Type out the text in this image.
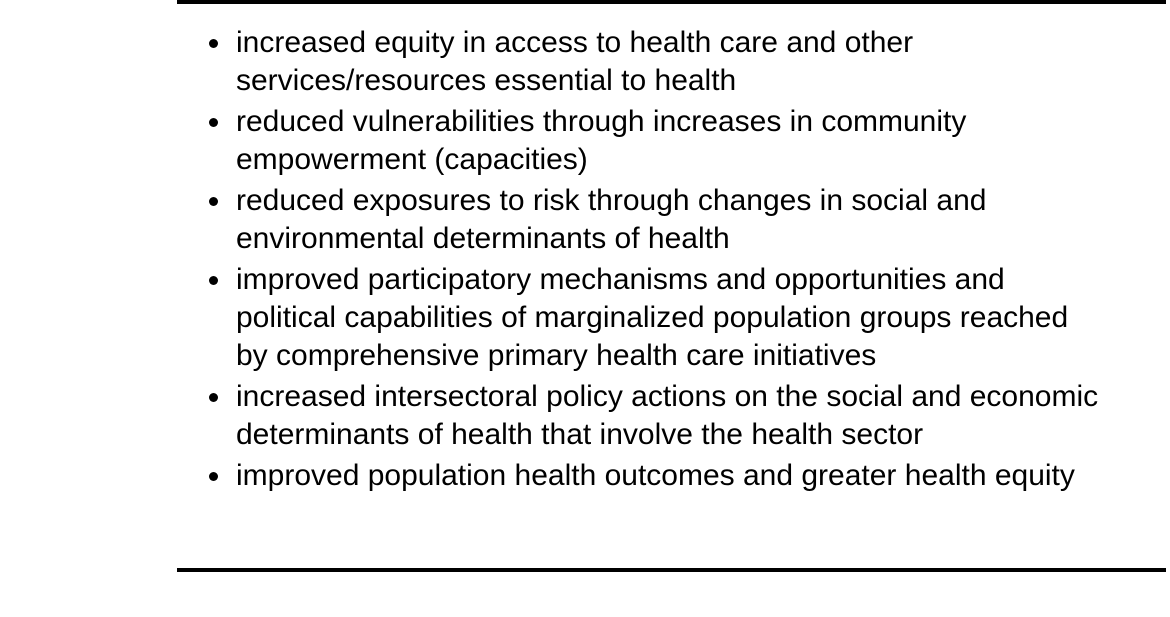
increased equity in access to health care and other services/resources essential to health
reduced vulnerabilities through increases in community empowerment (capacities)
reduced exposures to risk through changes in social and environmental determinants of health
improved participatory mechanisms and opportunities and political capabilities of marginalized population groups reached by comprehensive primary health care initiatives
increased intersectoral policy actions on the social and economic determinants of health that involve the health sector
improved population health outcomes and greater health equity
